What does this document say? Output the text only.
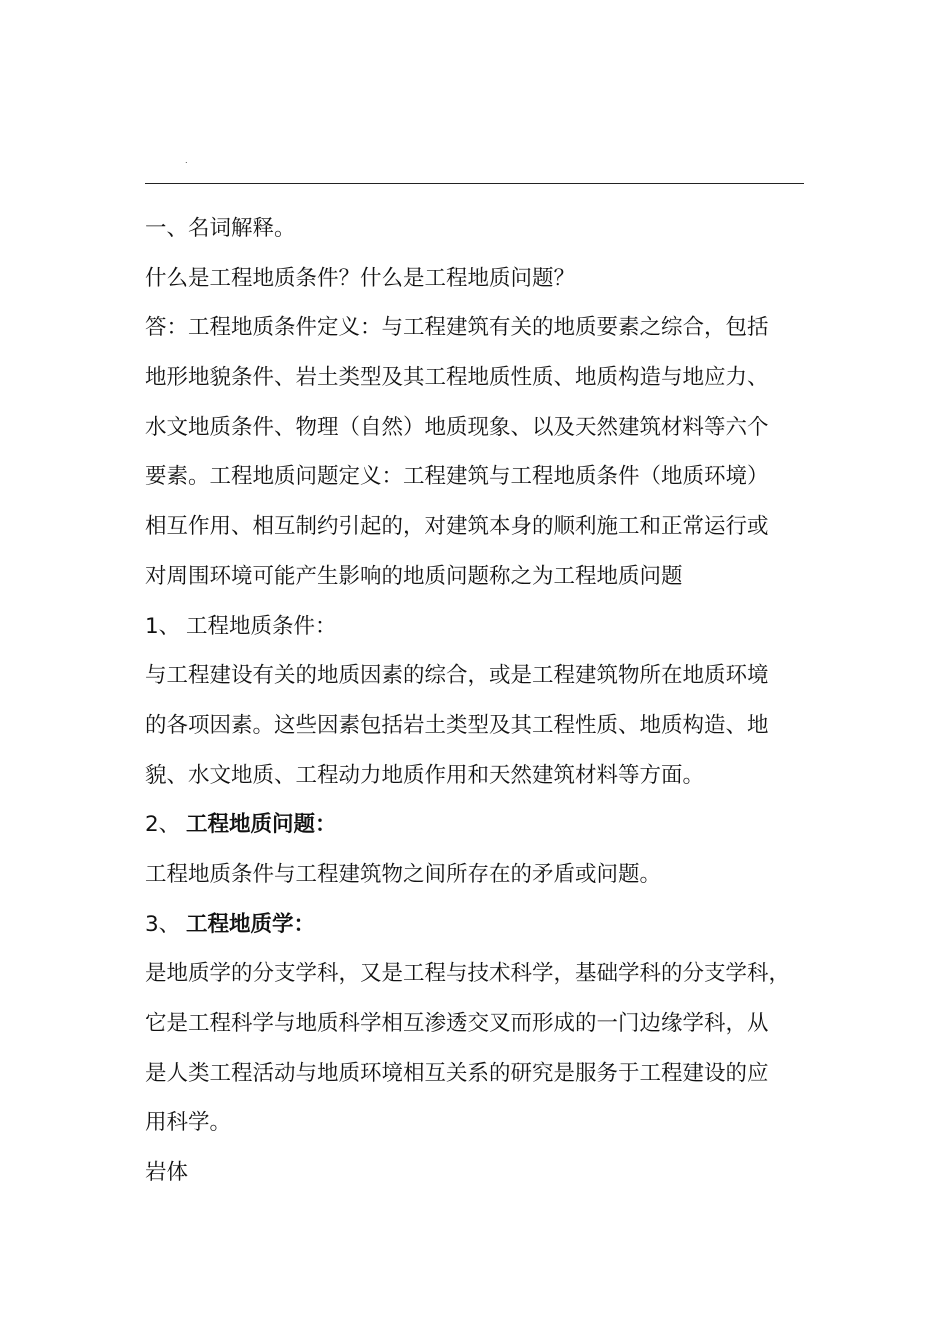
.
一、名词解释。
什么是工程地质条件？什么是工程地质问题？
答：工程地质条件定义：与工程建筑有关的地质要素之综合，包括
地形地貌条件、岩土类型及其工程地质性质、地质构造与地应力、
水文地质条件、物理（自然）地质现象、以及天然建筑材料等六个
要素。工程地质问题定义：工程建筑与工程地质条件（地质环境）
相互作用、相互制约引起的，对建筑本身的顺利施工和正常运行或
对周围环境可能产生影响的地质问题称之为工程地质问题
1、 工程地质条件：
与工程建设有关的地质因素的综合，或是工程建筑物所在地质环境
的各项因素。这些因素包括岩土类型及其工程性质、地质构造、地
貌、水文地质、工程动力地质作用和天然建筑材料等方面。
2、 工程地质问题：
工程地质条件与工程建筑物之间所存在的矛盾或问题。
3、 工程地质学：
是地质学的分支学科，又是工程与技术科学，基础学科的分支学科，
它是工程科学与地质科学相互渗透交叉而形成的一门边缘学科，从
是人类工程活动与地质环境相互关系的研究是服务于工程建设的应
用科学。
岩体
